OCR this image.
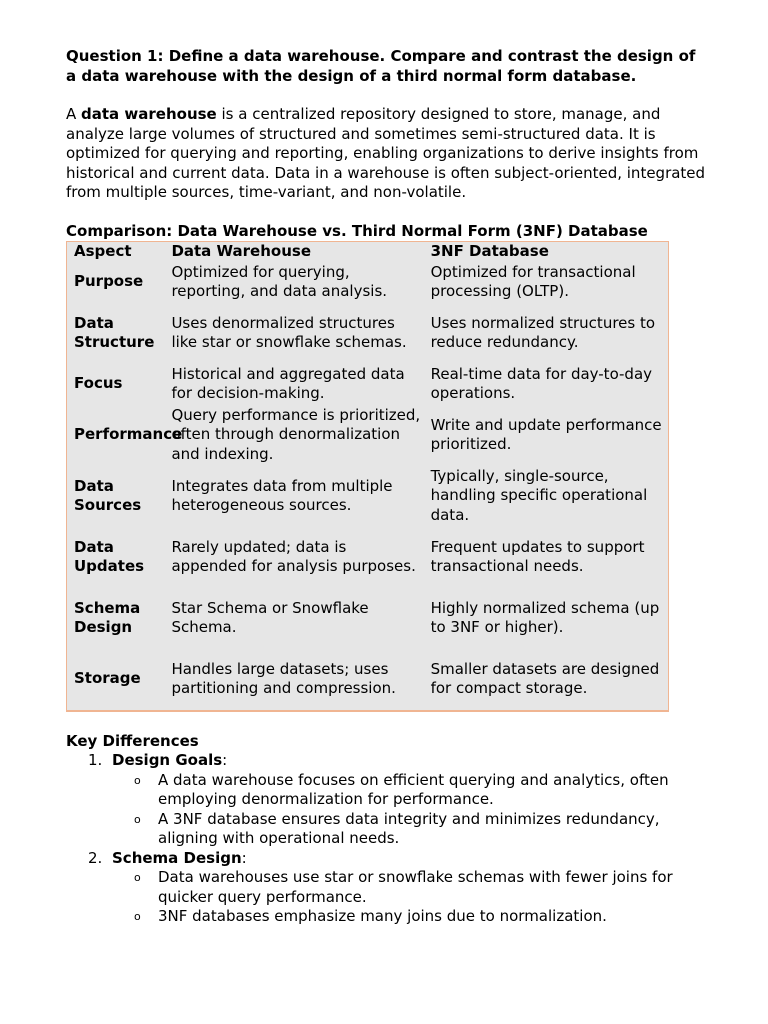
Question 1: Define a data warehouse. Compare and contrast the design of a data warehouse with the design of a third normal form database.

A data warehouse is a centralized repository designed to store, manage, and analyze large volumes of structured and sometimes semi-structured data. It is optimized for querying and reporting, enabling organizations to derive insights from historical and current data. Data in a warehouse is often subject-oriented, integrated from multiple sources, time-variant, and non-volatile.

Comparison: Data Warehouse vs. Third Normal Form (3NF) Database

Aspect	Data Warehouse	3NF Database
Purpose	Optimized for querying, reporting, and data analysis.	Optimized for transactional processing (OLTP).
Data Structure	Uses denormalized structures like star or snowflake schemas.	Uses normalized structures to reduce redundancy.
Focus	Historical and aggregated data for decision-making.	Real-time data for day-to-day operations.
Performance	Query performance is prioritized, often through denormalization and indexing.	Write and update performance prioritized.
Data Sources	Integrates data from multiple heterogeneous sources.	Typically, single-source, handling specific operational data.
Data Updates	Rarely updated; data is appended for analysis purposes.	Frequent updates to support transactional needs.
Schema Design	Star Schema or Snowflake Schema.	Highly normalized schema (up to 3NF or higher).
Storage	Handles large datasets; uses partitioning and compression.	Smaller datasets are designed for compact storage.

Key Differences

1. Design Goals:
o A data warehouse focuses on efficient querying and analytics, often employing denormalization for performance.
o A 3NF database ensures data integrity and minimizes redundancy, aligning with operational needs.
2. Schema Design:
o Data warehouses use star or snowflake schemas with fewer joins for quicker query performance.
o 3NF databases emphasize many joins due to normalization.
